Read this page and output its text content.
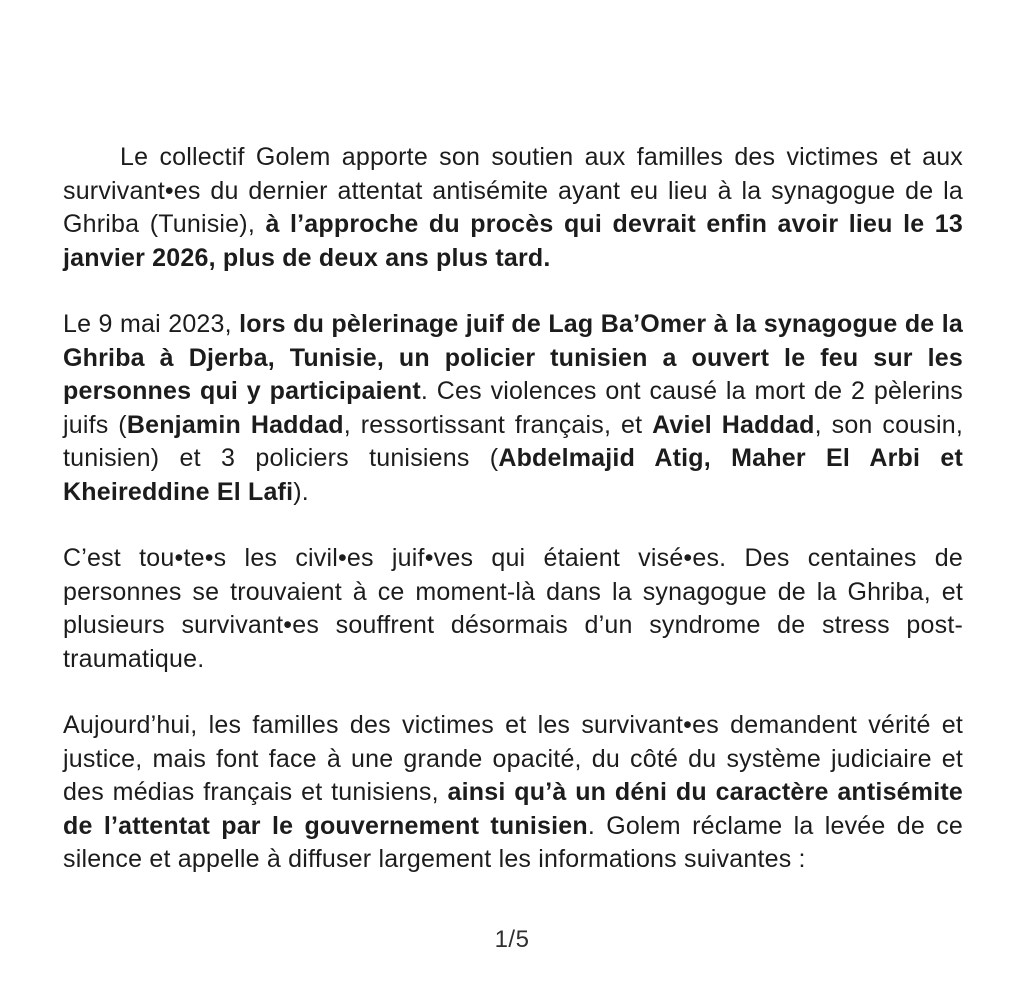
Le collectif Golem apporte son soutien aux familles des victimes et aux survivant•es du dernier attentat antisémite ayant eu lieu à la synagogue de la Ghriba (Tunisie), à l’approche du procès qui devrait enfin avoir lieu le 13 janvier 2026, plus de deux ans plus tard.

Le 9 mai 2023, lors du pèlerinage juif de Lag Ba’Omer à la synagogue de la Ghriba à Djerba, Tunisie, un policier tunisien a ouvert le feu sur les personnes qui y participaient. Ces violences ont causé la mort de 2 pèlerins juifs (Benjamin Haddad, ressortissant français, et Aviel Haddad, son cousin, tunisien) et 3 policiers tunisiens (Abdelmajid Atig, Maher El Arbi et Kheireddine El Lafi).

C’est tou•te•s les civil•es juif•ves qui étaient visé•es. Des centaines de personnes se trouvaient à ce moment-là dans la synagogue de la Ghriba, et plusieurs survivant•es souffrent désormais d’un syndrome de stress post-traumatique.

Aujourd’hui, les familles des victimes et les survivant•es demandent vérité et justice, mais font face à une grande opacité, du côté du système judiciaire et des médias français et tunisiens, ainsi qu’à un déni du caractère antisémite de l’attentat par le gouvernement tunisien. Golem réclame la levée de ce silence et appelle à diffuser largement les informations suivantes :

1/5
